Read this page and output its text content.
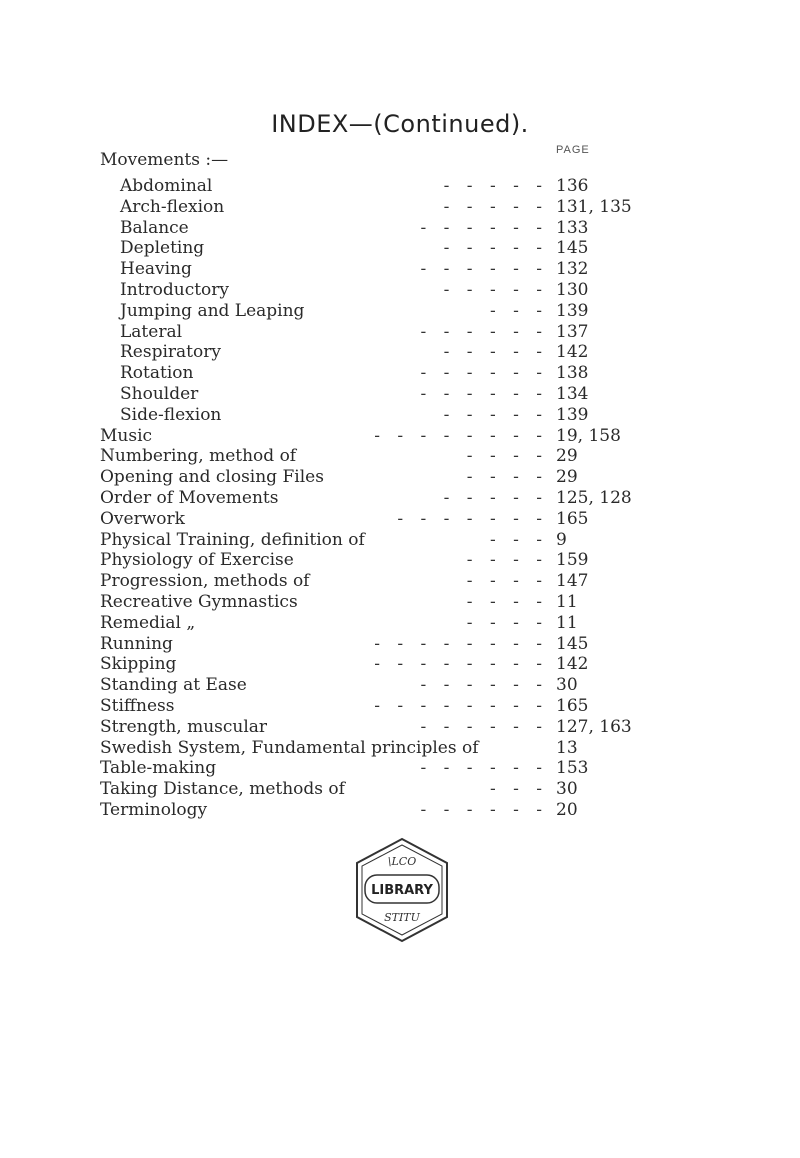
INDEX—(Continued).
PAGE
Movements :—
Abdominal	- - - - - 136
Arch-flexion	- - - - - 131, 135
Balance	- - - - - - 133
Depleting	- - - - - 145
Heaving	- - - - - - 132
Introductory	- - - - - 130
Jumping and Leaping	- - - 139
Lateral	- - - - - - 137
Respiratory	- - - - - 142
Rotation	- - - - - - 138
Shoulder	- - - - - - 134
Side-flexion	- - - - - 139
Music	- - - - - - - - 19, 158
Numbering, method of	- - - - 29
Opening and closing Files	- - - - 29
Order of Movements	- - - - - 125, 128
Overwork	- - - - - - - 165
Physical Training, definition of	- - - 9
Physiology of Exercise	- - - - 159
Progression, methods of	- - - - 147
Recreative Gymnastics	- - - - 11
Remedial „	- - - - 11
Running	- - - - - - - - 145
Skipping	- - - - - - - - 142
Standing at Ease	- - - - - - 30
Stiffness	- - - - - - - - 165
Strength, muscular	- - - - - - 127, 163
Swedish System, Fundamental principles of	13
Table-making	- - - - - - 153
Taking Distance, methods of	- - - 30
Terminology	- - - - - - 20
LIBRARY
\LCO
STITU
